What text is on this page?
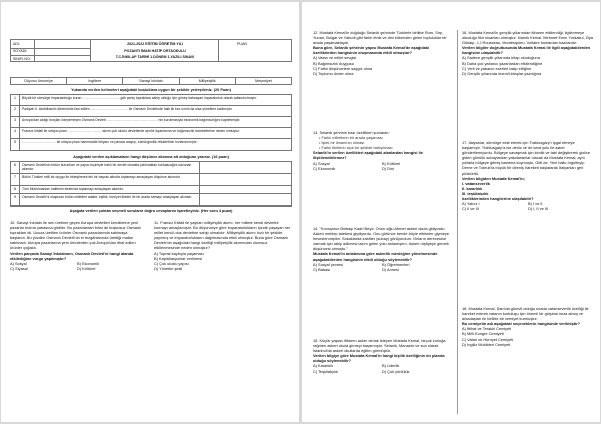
ADI:
SOYADI:
SINIFI-NO:
2021-2022 EĞİTİM ÖĞRETİM YILI
POZANTI İMAM HATİP ORTAOKULU
T.C.İNKILAP TARİHİ 1.DÖNEM 1.YAZILI SINAVI
PUAN
Düyunu Umumiye	İngiltere	Sanayi İnkılabı	Milliyetçilik	Meşrutiyet
Yukarıda verilen kelimeleri aşağıdaki boşluklara uygun bir şekilde yerleştiriniz. (20 Puan)
1	Böyük bir sömürge imparatorluğu kuran …………………………… gök şeniş topraklara sahip olduğu için güneş batmayan imparatorluk olarak adlandırılmıştır.
2	Padişah II. Abdülhamit döneminde ilan edilen …………………………… ile Osmanlı Devletinde halk ilk kez sınırlı da olsa yönetime katılmıştır.
3	Avrupa'dan aldığı borçları ödeyemeyen Osmanlı Devleti ……………………………………… nin kurulmasıyla ekonomik bağımsızlığını kaybetmiştir.
4	Fransız İhtilali ile ortaya çıkan ………………………… akımı çok uluslu devletlerde ayrılık isyanlarına ve bağımsızlık hareketlerine neden olmuştur.
5	………………………… ile ortaya çıkan hammadde ihtiyacı ve pazara arayışı, sömürgecilik rekabetinin hızlandırmıştır.
Aşağıdaki verilen açıklamaların hangi düşünce akımına ait olduğunu yazınız. (16 puan)
6	Osmanlı Devletinin bütün kurumları ve yapısı biçimiyle batılı bir devlet olmakla yıkılmaktan kurtulacağını savunan akımdır.
7	Bütün Türkleri milli bir duygu ile birleştirerek tek bir bayrak altında toplamayı amaçlayan düşünce akımıdır.
8	Tüm Müslümanları halifenin etrafında toplamayı amaçlayan akımdır.
9	Osmanlı Devleti'ni oluşturan bütün milletleri adalet, eşitlik, hürriyet ilkeleri ile bir arada tutmayı amaçlayan akımdır.
Aşağıda verilen çoktan seçmeli soruların doğru cevaplarını işaretleyiniz. (Her soru 4 puan)
10. Sanayi İnkılabı ile seri üretime geçen Avrupa devletleri kendilerine yeni pazarlar bulma çabasına girdiler. Bu pazarlardan birisi de kuşkusuz Osmanlı toprakları idi. Ucuza üretilen ürünler Osmanlı pazarlarında satılmaya başlandı. Bu yüzden Osmanlı Devleti'nin el tezgâhlarında ürettiği mallar satılmadı. Avrupa pazarlarına yeni ürünlerden çok Avrupa'dan ithal edilen ürünler çoğaldı.
Verilen parçada Sanayi İnkılabının, Osmanlı Devleti'ni hangi alanda etkilediğine vurgu yapılmıştır?
A) Sosyal	B) Ekonomik
C) Siyasal	D) Kültürel
11. Fransız İhtilali ile yayılan milliyetçilik akımı, her millete kendi devletini kurmayı amaçlamıştır. Bu düşünceye göre imparatorlukların içinde yaşayan her millet kendi ulus devletine sahip olmalıdır. Milliyetçilik akımı hızlı bir şekilde yayılmış ve imparatorlukların dağılmasında etkili olmuştur. Buna göre Osmanlı Devleti'nin aşağıdaki hangi özelliği milliyetçilik akımından olumsuz etkilenmesinde neden olmuştur?
A) Toprak kaybıyla yaşaması
B) Kapitülasyonlar verilmesi
C) Çok uluslu yapısı
D) Yönetim şekli
12. Mustafa Kemal'in doğduğu Selanik şehrinde Türklerle birlikte Rum, Sırp, Yunan, Bulgar ve Yahudi gibi farklı etnik ve dini kökenden gelen topluluklar bir arada yaşamaktaydı.
Buna göre, Selanik şehrinin yapısı Mustafa Kemal'de aşağıdaki özelliklerden hangisinin oluşmasında etkili olmuştur?
A) Vatan ve millet sevgisi
B) Bağımsızlık duygusu
C) Farklı düşüncelere saygılı olma
D) Toplumu önder olma
13. Selanik şehrinin bazı özellikleri şunlardır:
• Farklı milletlerin bir arada yaşaması
• İşlek bir limanının olması
• Farklı fikirlerin açık bir şekilde tartışılması
Selanik'in verilen özellikleri aşağıdaki alanlardan hangisi ile ilişkilendirilemez?
A) Sosyal	B) Kültürel
C) Ekonomik	D) Dini
14. "Konuşmuz Binbaşı Kadri Beyd. Onun oğlu Ahmet askeri okula gidiyordu. Askeri mektep talebesi giydiyordu. Onu görünce bende böyle elbiseler giymeye heveslenmiştim. Sokaklarda zabitler (subay) görüyordum. Onların derecesine varmak için takip adilmesi lazım gelen yolu anlamıştım. Askeri rüştiyeye girmek düşüncesi olmuştu."
Mustafa Kemal'in anlatımına göre askerlik mesleğine yönelmesinde aşağıdakilerden hangisinin etkili olduğu söylenebilir?
A) Sosyal çevresi	B) Öğretmenleri
C) Babası	D) Annesi
15. Küçük yaştan itibaren asker olmak isteyen Mustafa Kemal, birçok zorluğa rağmen askeri okula girmeyi başarmıştır. Selanik, Manastır ve son olarak İstanbul'da askeri okullarda eğitim görmüştür.
Verilen bilgiye göre Mustafa Kemal'in hangi kişilik özelliğinin ön planda olduğu söylenebilir?
A) Kararlılık	B) Liderlik
C) Teşkilatçılık	D) Çok yönlülük
16. Mustafa Kemal'in gençlik yıllarından itibaren etkilendiği, ilgilenmeye okuduğu fikir insanları olmuştur. Namık Kemal, Mehmet Emin Yurdakul, Ziya Gökalp, J.J Rousseau, Montesquieu, Voltaire bunlardan bazılarıdır.
Verilen bilgiler doğrultusunda Mustafa Kemal ile ilgili aşağıdakilerden hangisine ulaşılabilir?
A) Sadece gençlik yıllarında kitap okuduğuna
B) Daha çok yabancı yazarlardan etkilendiğine
C) Yerli ve yabancı eserleri takip ettiğine
D) Gençlik yıllarında önemli kitaplar yazdığına
17. İtalyanlar, sömürge elde etmek için Trablusgarp'ı işgal etmeye başlamıştı. Trablusgarp'a ise deniz ve de kara yolu ile asker gönderilemiyordu. Bölgeye savaşmak için kimlik ve tabi değiştirerek gizlice giden gönüllü subaylardan yakalananlar olacak da Mustafa Kemal, aynı yollarla bölgeye gitmiş katarma koymuştu. Gitti de, Yeni halkı örgütleyip Derne ve Tobruk'ta büyük bir direniş hareketi başlatarak İtalyanları geri püskürttü.
Verilen bilgiden Mustafa Kemal'in;
I. vatanseverlik
II. kararlılık
III. teşkilatçılık
özelliklerinden hangilerine ulaşılabilir?
A) Yalnız I	B) I ve II
C) II ve III	D) I, II ve III
18. Mustafa Kemal, Şam'da görevli olduğu sırada vatanseverlik özelliği ile hareket ederek vatanın kurtuluşu için önemli bir girişime imza atmış ve arkadaşları ile birlikte bir cemiyet kurmuştur.
Bu cemiyetin adı aşağıdaki seçeneklerin hangisinde verilmiştir?
A) İttihat ve Terakki Cemiyeti
B) Millî Kongre Cemiyeti
C) Vatan ve Hürriyet Cemiyeti
D) İngiliz Muhibleri Cemiyeti
